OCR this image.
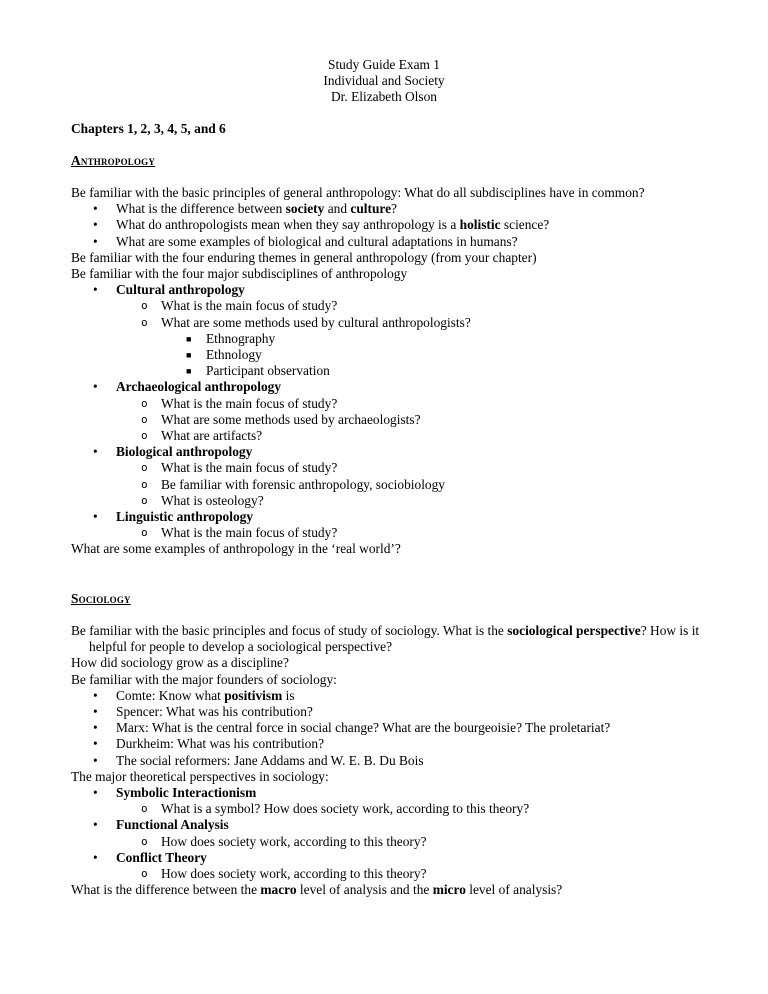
Study Guide Exam 1
Individual and Society
Dr. Elizabeth Olson
Chapters 1, 2, 3, 4, 5, and 6
Anthropology
Be familiar with the basic principles of general anthropology: What do all subdisciplines have in common?
• What is the difference between society and culture?
• What do anthropologists mean when they say anthropology is a holistic science?
• What are some examples of biological and cultural adaptations in humans?
Be familiar with the four enduring themes in general anthropology (from your chapter)
Be familiar with the four major subdisciplines of anthropology
• Cultural anthropology
o What is the main focus of study?
o What are some methods used by cultural anthropologists?
■ Ethnography
■ Ethnology
■ Participant observation
• Archaeological anthropology
o What is the main focus of study?
o What are some methods used by archaeologists?
o What are artifacts?
• Biological anthropology
o What is the main focus of study?
o Be familiar with forensic anthropology, sociobiology
o What is osteology?
• Linguistic anthropology
o What is the main focus of study?
What are some examples of anthropology in the ‘real world’?
Sociology
Be familiar with the basic principles and focus of study of sociology. What is the sociological perspective? How is it helpful for people to develop a sociological perspective?
How did sociology grow as a discipline?
Be familiar with the major founders of sociology:
• Comte: Know what positivism is
• Spencer: What was his contribution?
• Marx: What is the central force in social change? What are the bourgeoisie? The proletariat?
• Durkheim: What was his contribution?
• The social reformers: Jane Addams and W. E. B. Du Bois
The major theoretical perspectives in sociology:
• Symbolic Interactionism
o What is a symbol? How does society work, according to this theory?
• Functional Analysis
o How does society work, according to this theory?
• Conflict Theory
o How does society work, according to this theory?
What is the difference between the macro level of analysis and the micro level of analysis?
